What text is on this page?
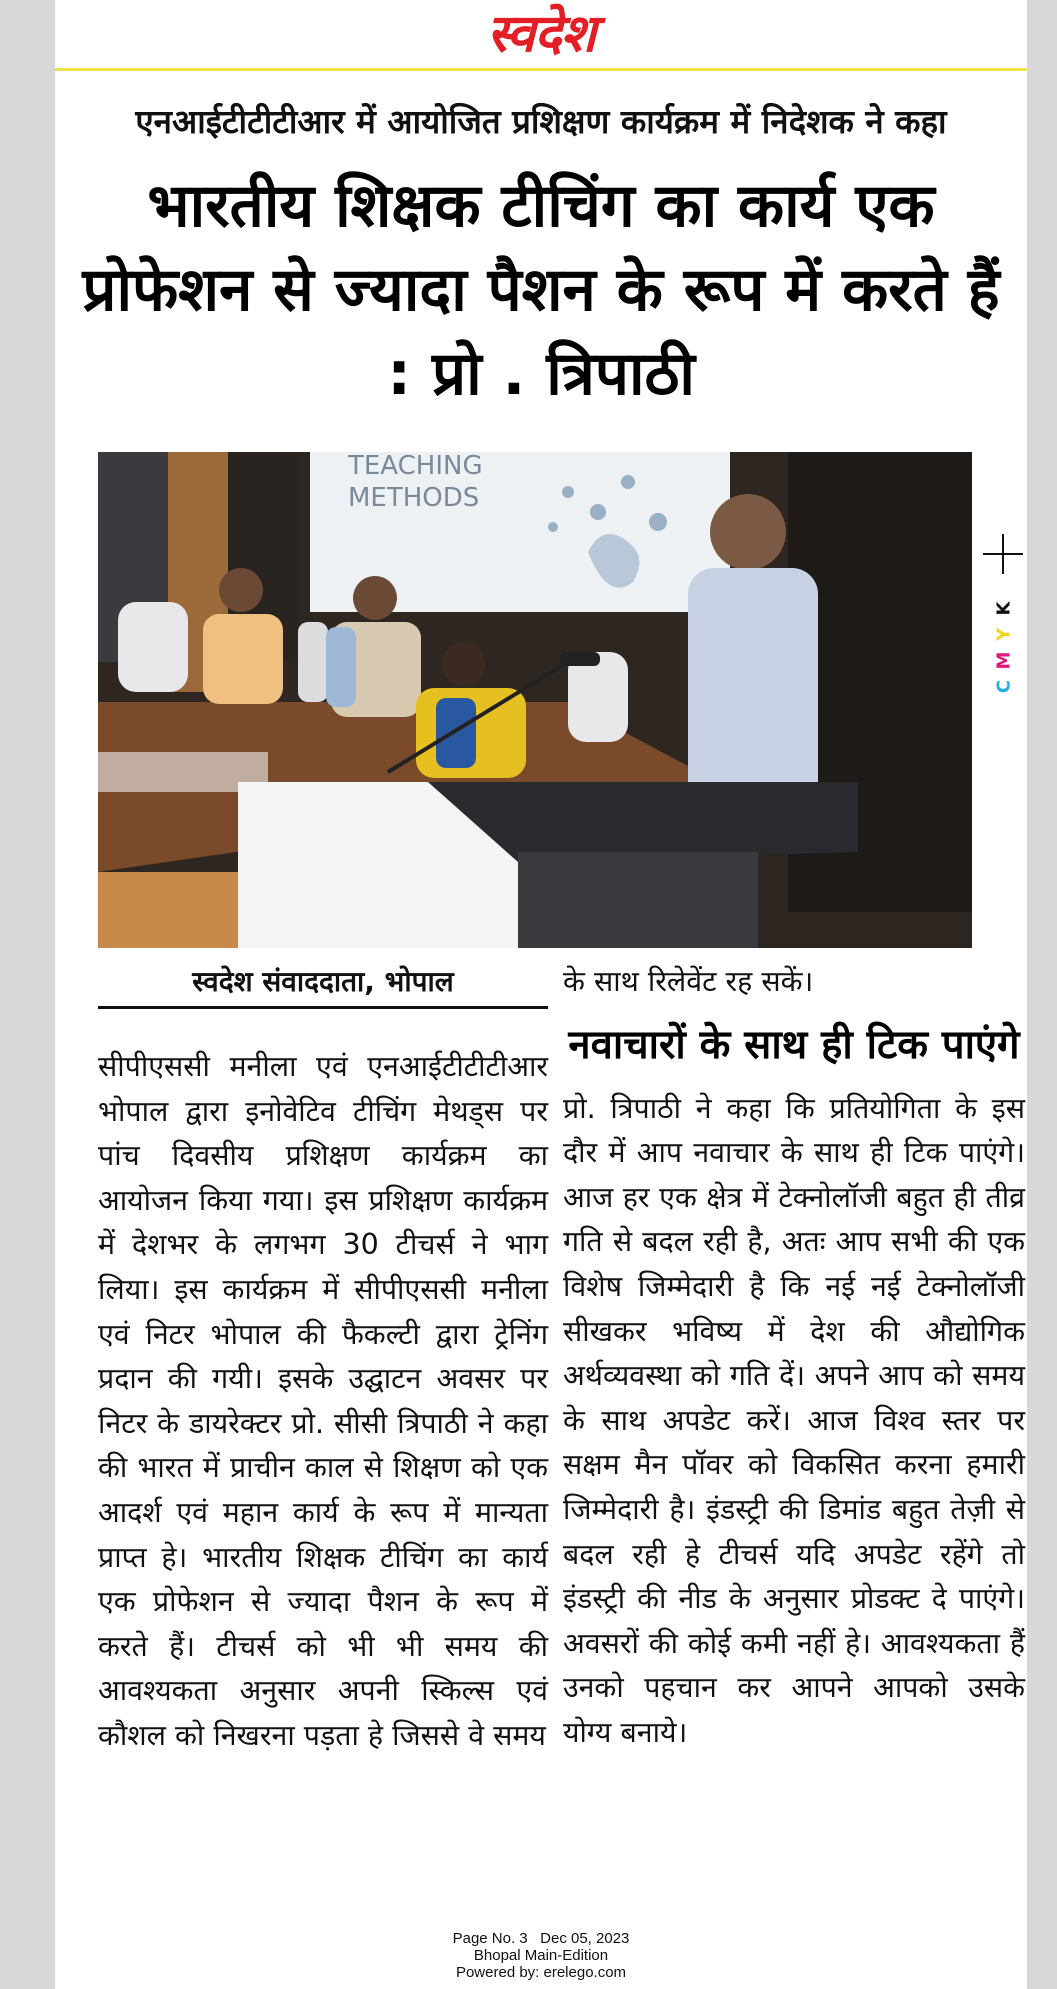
स्वदेश
एनआईटीटीटीआर में आयोजित प्रशिक्षण कार्यक्रम में निदेशक ने कहा
भारतीय शिक्षक टीचिंग का कार्य एक प्रोफेशन से ज्यादा पैशन के रूप में करते हैं : प्रो . त्रिपाठी
TEACHING
METHODS
स्वदेश संवाददाता, भोपाल

सीपीएससी मनीला एवं एनआईटीटीटीआर भोपाल द्वारा इनोवेटिव टीचिंग मेथड्स पर पांच दिवसीय प्रशिक्षण कार्यक्रम का आयोजन किया गया। इस प्रशिक्षण कार्यक्रम में देशभर के लगभग 30 टीचर्स ने भाग लिया। इस कार्यक्रम में सीपीएससी मनीला एवं निटर भोपाल की फैकल्टी द्वारा ट्रेनिंग प्रदान की गयी। इसके उद्घाटन अवसर पर निटर के डायरेक्टर प्रो. सीसी त्रिपाठी ने कहा की भारत में प्राचीन काल से शिक्षण को एक आदर्श एवं महान कार्य के रूप में मान्यता प्राप्त हे। भारतीय शिक्षक टीचिंग का कार्य एक प्रोफेशन से ज्यादा पैशन के रूप में करते हैं। टीचर्स को भी भी समय की आवश्यकता अनुसार अपनी स्किल्स एवं कौशल को निखरना पड़ता हे जिससे वे समय

के साथ रिलेवेंट रह सकें।

नवाचारों के साथ ही टिक पाएंगे

प्रो. त्रिपाठी ने कहा कि प्रतियोगिता के इस दौर में आप नवाचार के साथ ही टिक पाएंगे। आज हर एक क्षेत्र में टेक्नोलॉजी बहुत ही तीव्र गति से बदल रही है, अतः आप सभी की एक विशेष जिम्मेदारी है कि नई नई टेक्नोलॉजी सीखकर भविष्य में देश की औद्योगिक अर्थव्यवस्था को गति दें। अपने आप को समय के साथ अपडेट करें। आज विश्व स्तर पर सक्षम मैन पॉवर को विकसित करना हमारी जिम्मेदारी है। इंडस्ट्री की डिमांड बहुत तेज़ी से बदल रही हे टीचर्स यदि अपडेट रहेंगे तो इंडस्ट्री की नीड के अनुसार प्रोडक्ट दे पाएंगे। अवसरों की कोई कमी नहीं हे। आवश्यकता हैं उनको पहचान कर आपने आपको उसके योग्य बनाये।

Page No. 3   Dec 05, 2023
Bhopal Main-Edition
Powered by: erelego.com
K
Y
M
C
